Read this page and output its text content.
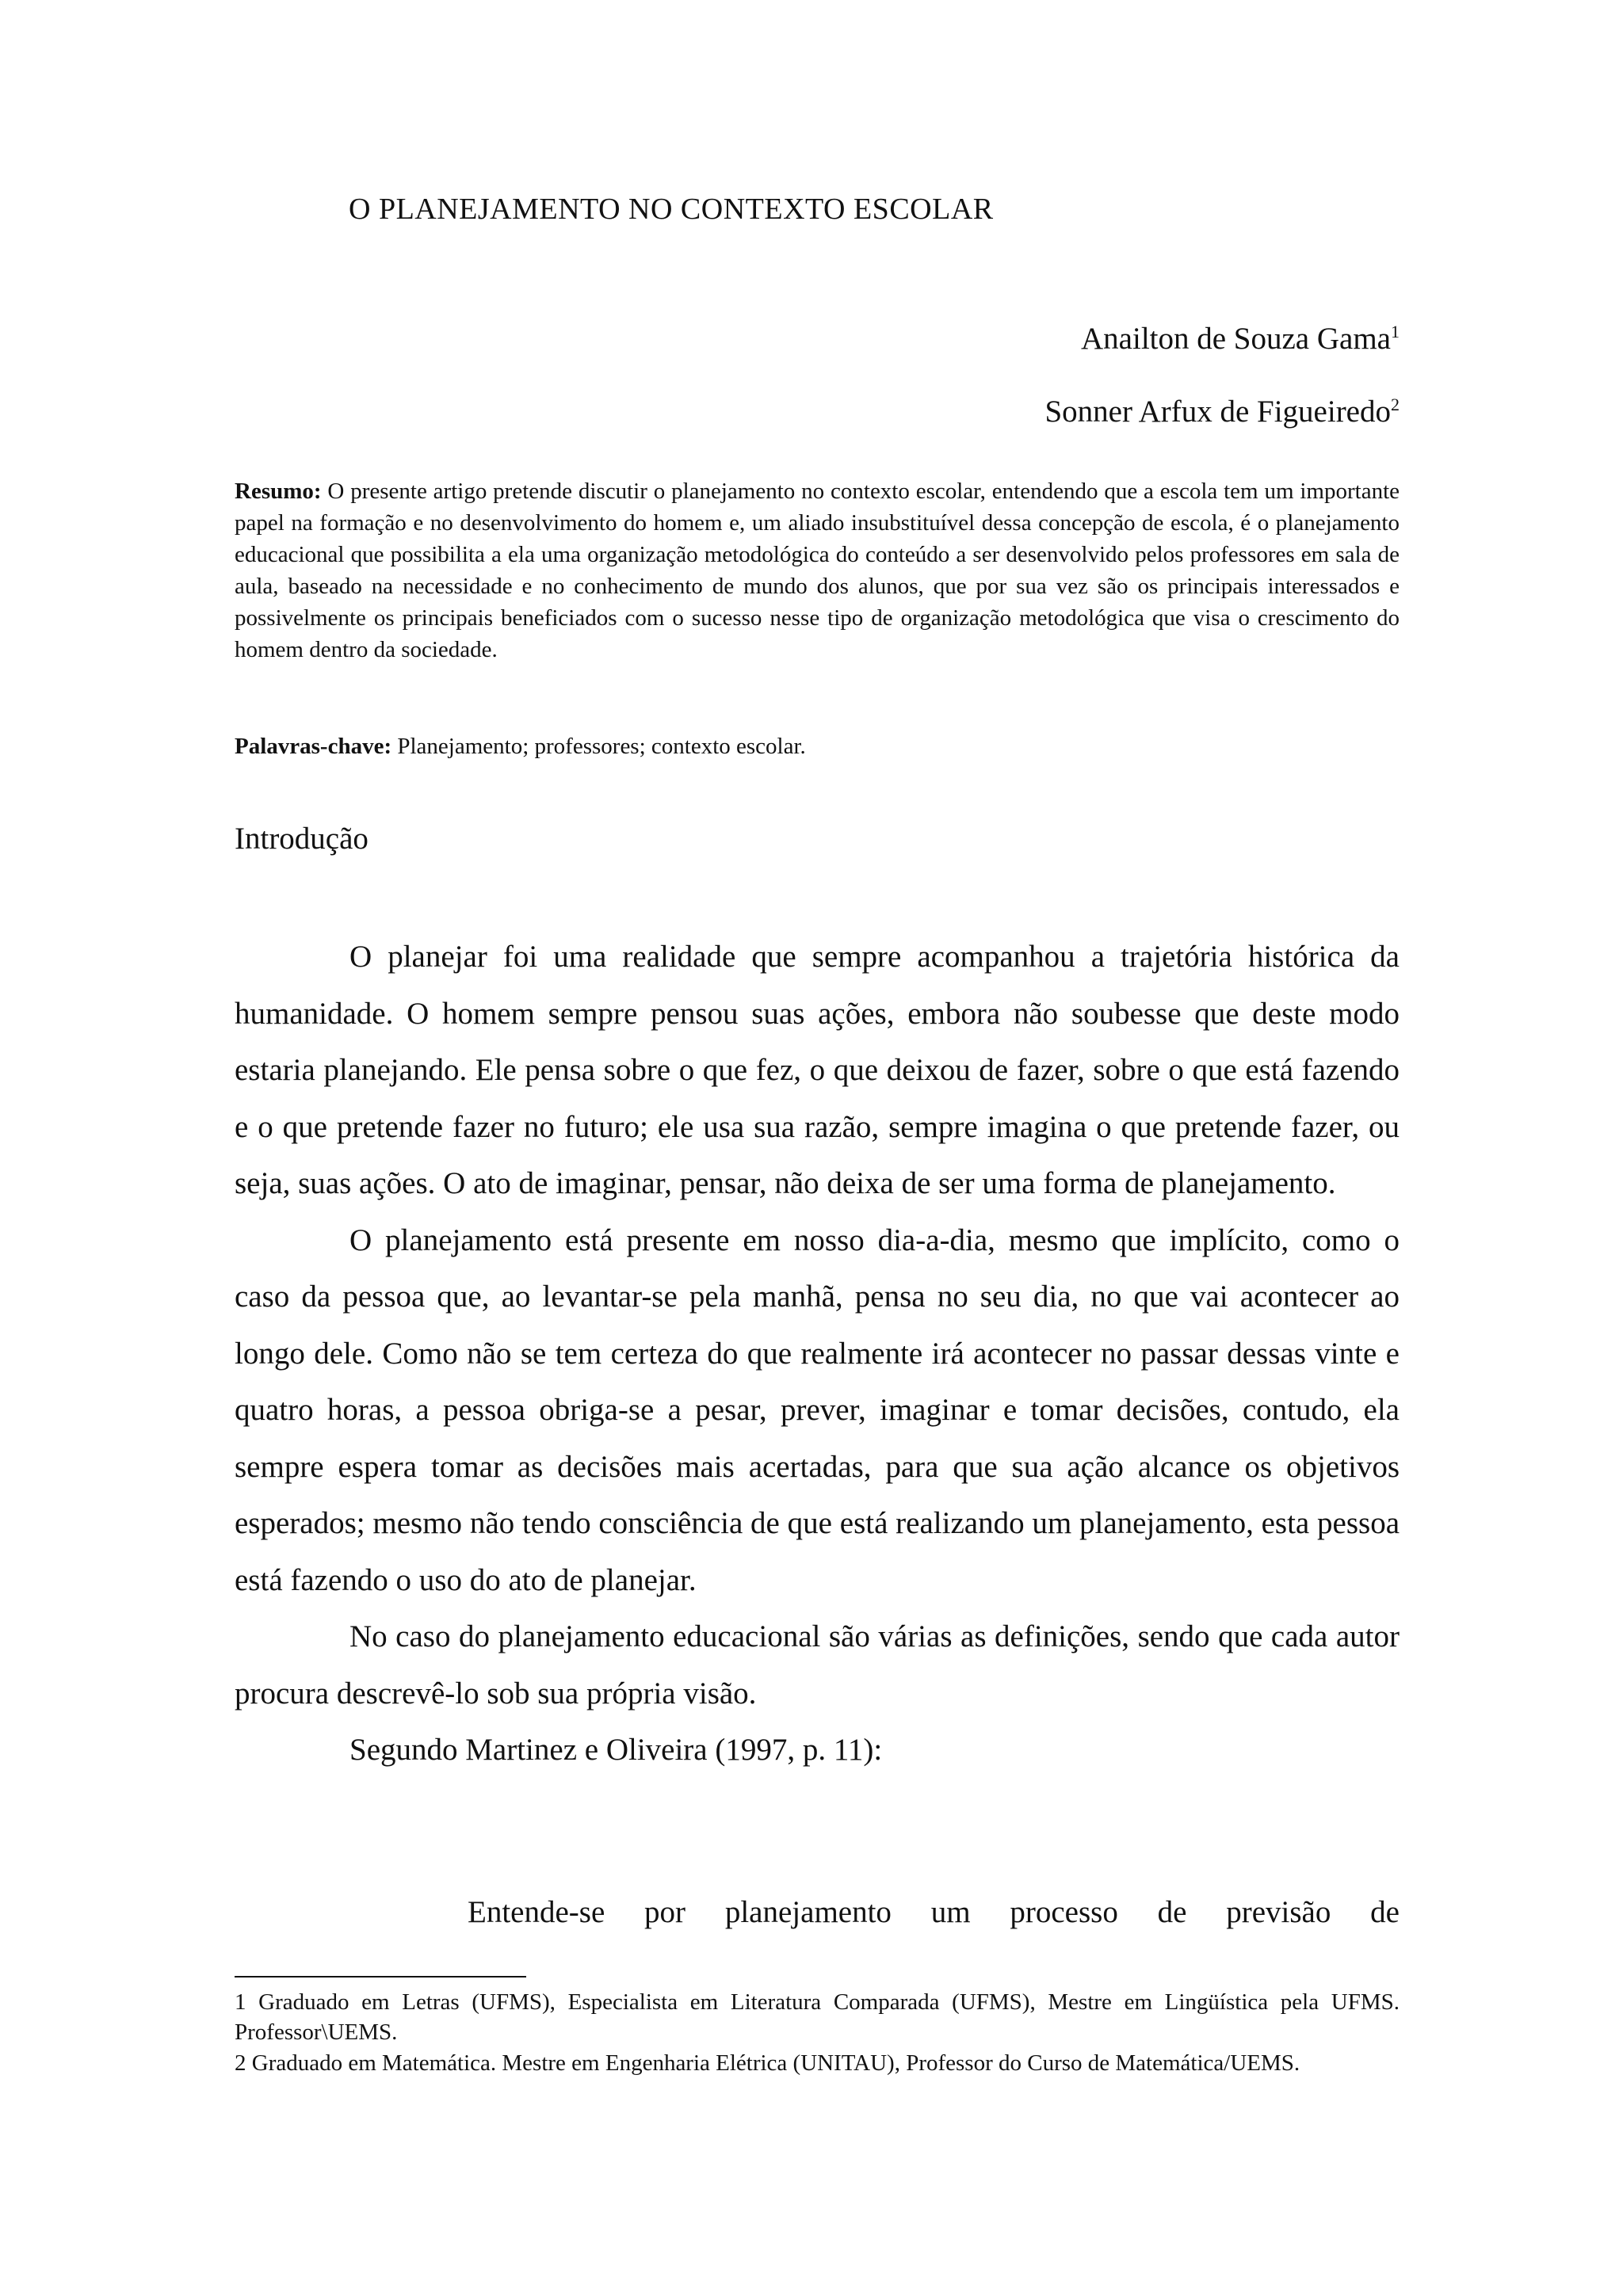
O PLANEJAMENTO NO CONTEXTO ESCOLAR
Anailton de Souza Gama$^1$
Sonner Arfux de Figueiredo$^2$
Resumo: O presente artigo pretende discutir o planejamento no contexto escolar, entendendo que a escola tem um importante papel na formação e no desenvolvimento do homem e, um aliado insubstituível dessa concepção de escola, é o planejamento educacional que possibilita a ela uma organização metodológica do conteúdo a ser desenvolvido pelos professores em sala de aula, baseado na necessidade e no conhecimento de mundo dos alunos, que por sua vez são os principais interessados e possivelmente os principais beneficiados com o sucesso nesse tipo de organização metodológica que visa o crescimento do homem dentro da sociedade.
Palavras-chave: Planejamento; professores; contexto escolar.
Introdução

O planejar foi uma realidade que sempre acompanhou a trajetória histórica da humanidade. O homem sempre pensou suas ações, embora não soubesse que deste modo estaria planejando. Ele pensa sobre o que fez, o que deixou de fazer, sobre o que está fazendo e o que pretende fazer no futuro; ele usa sua razão, sempre imagina o que pretende fazer, ou seja, suas ações. O ato de imaginar, pensar, não deixa de ser uma forma de planejamento.

O planejamento está presente em nosso dia-a-dia, mesmo que implícito, como o caso da pessoa que, ao levantar-se pela manhã, pensa no seu dia, no que vai acontecer ao longo dele. Como não se tem certeza do que realmente irá acontecer no passar dessas vinte e quatro horas, a pessoa obriga-se a pesar, prever, imaginar e tomar decisões, contudo, ela sempre espera tomar as decisões mais acertadas, para que sua ação alcance os objetivos esperados; mesmo não tendo consciência de que está realizando um planejamento, esta pessoa está fazendo o uso do ato de planejar.

No caso do planejamento educacional são várias as definições, sendo que cada autor procura descrevê-lo sob sua própria visão.

Segundo Martinez e Oliveira (1997, p. 11):

Entende-se por planejamento um processo de previsão de

1 Graduado em Letras (UFMS), Especialista em Literatura Comparada (UFMS), Mestre em Lingüística pela UFMS. Professor\UEMS.

2 Graduado em Matemática. Mestre em Engenharia Elétrica (UNITAU), Professor do Curso de Matemática/UEMS.
